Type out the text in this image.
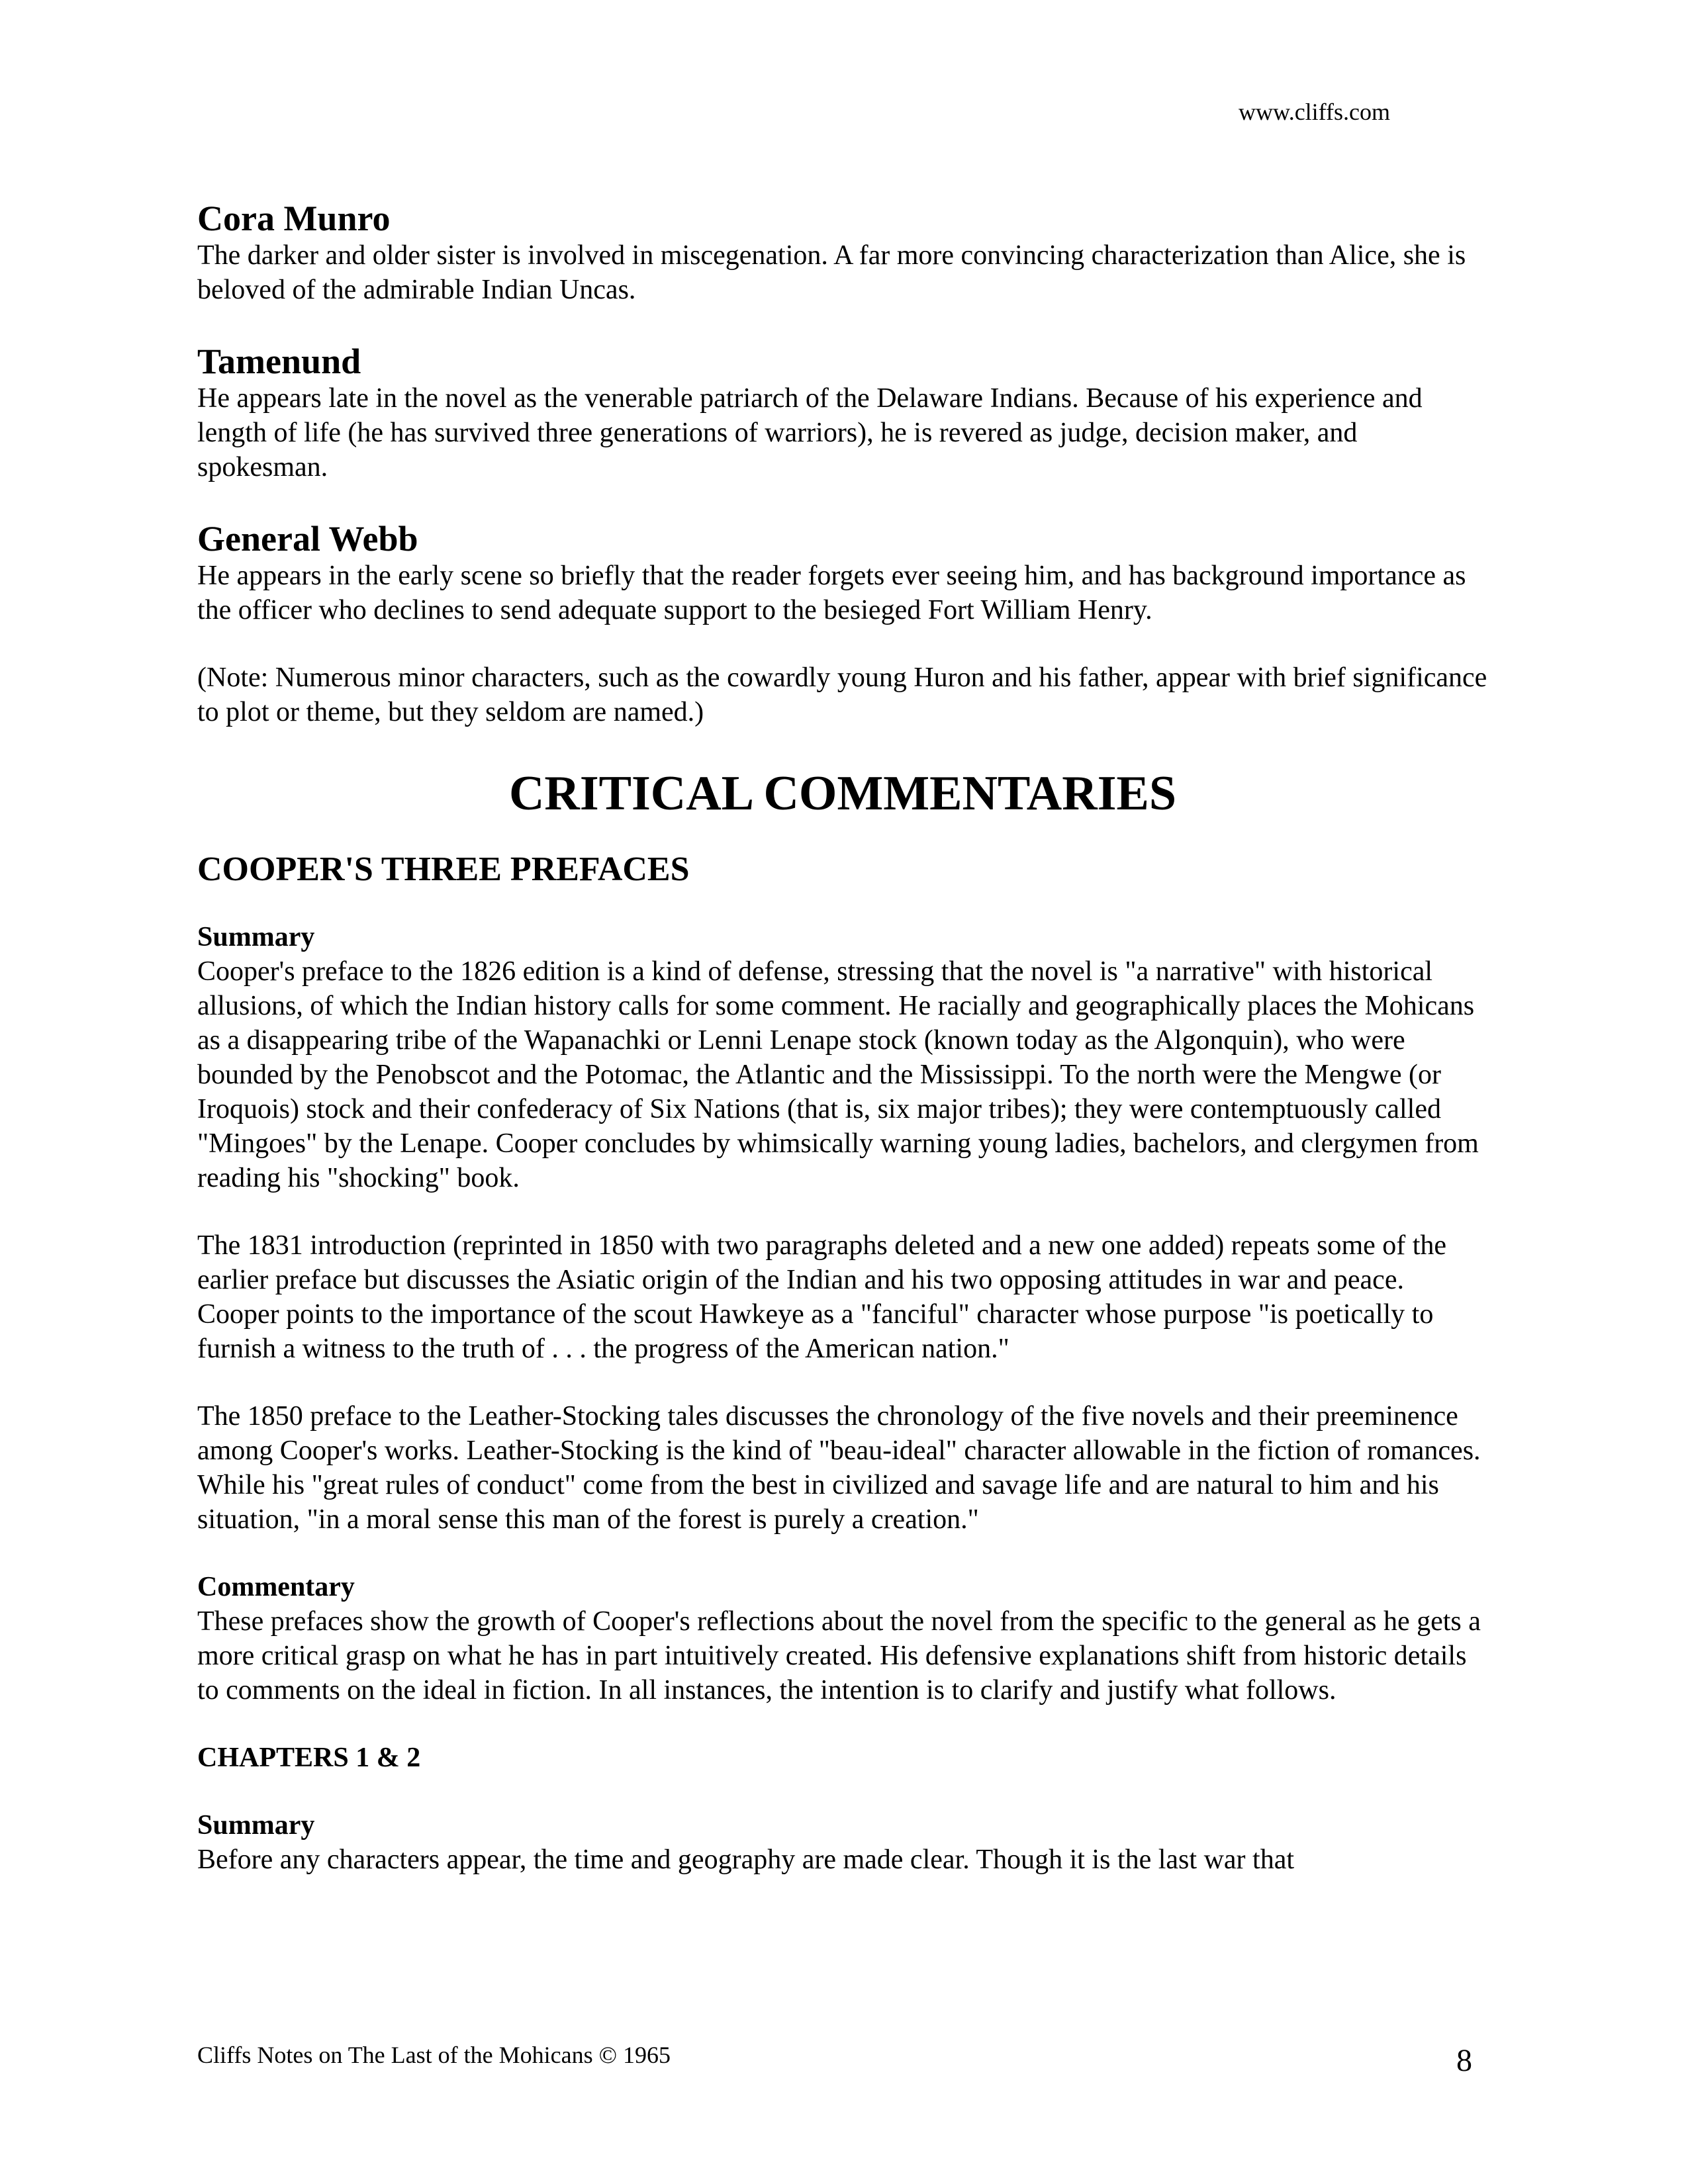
www.cliffs.com
Cora Munro

The darker and older sister is involved in miscegenation. A far more convincing characterization than Alice, she is beloved of the admirable Indian Uncas.

Tamenund

He appears late in the novel as the venerable patriarch of the Delaware Indians. Because of his experience and length of life (he has survived three generations of warriors), he is revered as judge, decision maker, and spokesman.

General Webb

He appears in the early scene so briefly that the reader forgets ever seeing him, and has background importance as the officer who declines to send adequate support to the besieged Fort William Henry.

(Note: Numerous minor characters, such as the cowardly young Huron and his father, appear with brief significance to plot or theme, but they seldom are named.)

CRITICAL COMMENTARIES
COOPER'S THREE PREFACES
Summary

Cooper's preface to the 1826 edition is a kind of defense, stressing that the novel is "a narrative" with historical allusions, of which the Indian history calls for some comment. He racially and geographically places the Mohicans as a disappearing tribe of the Wapanachki or Lenni Lenape stock (known today as the Algonquin), who were bounded by the Penobscot and the Potomac, the Atlantic and the Mississippi. To the north were the Mengwe (or Iroquois) stock and their confederacy of Six Nations (that is, six major tribes); they were contemptuously called "Mingoes" by the Lenape. Cooper concludes by whimsically warning young ladies, bachelors, and clergymen from reading his "shocking" book.

The 1831 introduction (reprinted in 1850 with two paragraphs deleted and a new one added) repeats some of the earlier preface but discusses the Asiatic origin of the Indian and his two opposing attitudes in war and peace. Cooper points to the importance of the scout Hawkeye as a "fanciful" character whose purpose "is poetically to furnish a witness to the truth of . . . the progress of the American nation."

The 1850 preface to the Leather-Stocking tales discusses the chronology of the five novels and their preeminence among Cooper's works. Leather-Stocking is the kind of "beau-ideal" character allowable in the fiction of romances. While his "great rules of conduct" come from the best in civilized and savage life and are natural to him and his situation, "in a moral sense this man of the forest is purely a creation."

Commentary

These prefaces show the growth of Cooper's reflections about the novel from the specific to the general as he gets a more critical grasp on what he has in part intuitively created. His defensive explanations shift from historic details to comments on the ideal in fiction. In all instances, the intention is to clarify and justify what follows.

CHAPTERS 1 & 2
Summary

Before any characters appear, the time and geography are made clear. Though it is the last war that

Cliffs Notes on The Last of the Mohicans © 1965	8
